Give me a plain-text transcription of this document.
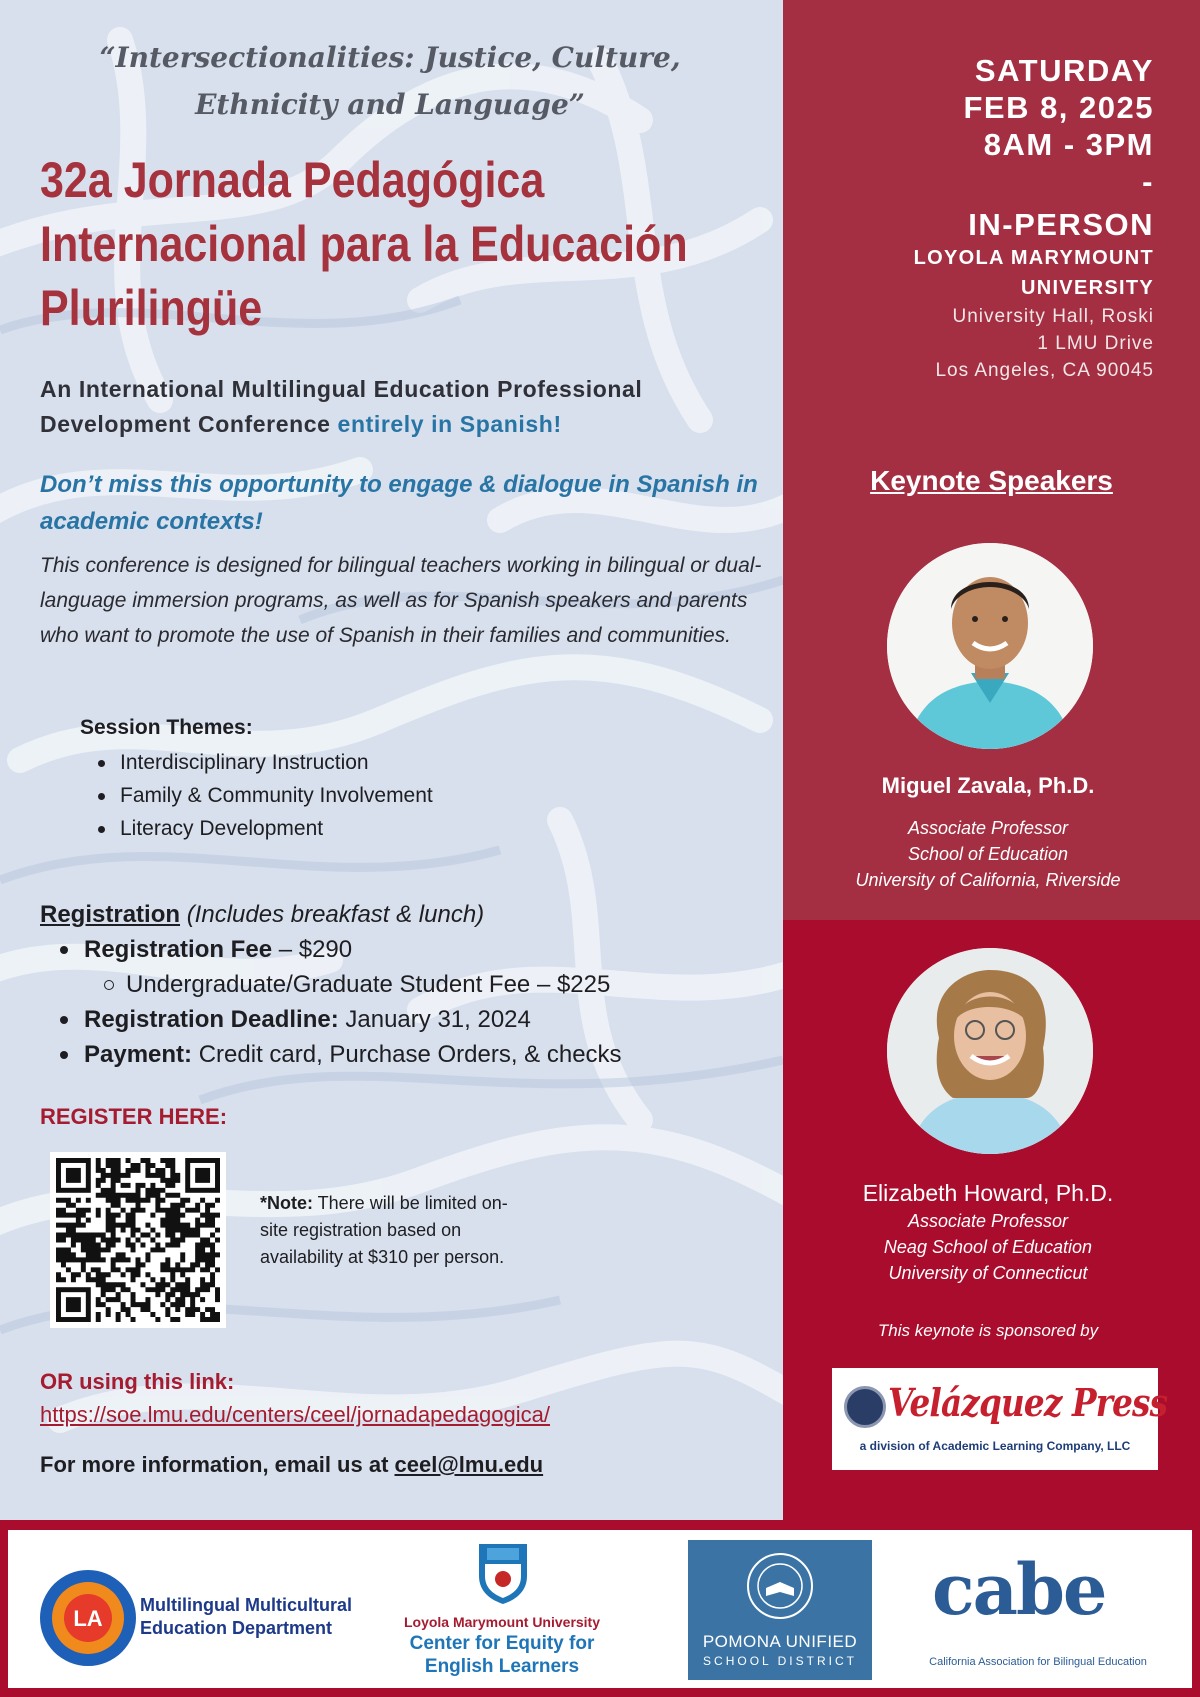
“Intersectionalities: Justice, Culture, Ethnicity and Language”
32a Jornada Pedagógica
Internacional para la Educación
Plurilingüe
An International Multilingual Education Professional
Development Conference entirely in Spanish!
Don’t miss this opportunity to engage & dialogue in Spanish in academic contexts!
This conference is designed for bilingual teachers working in bilingual or dual-language immersion programs, as well as for Spanish speakers and parents who want to promote the use of Spanish in their families and communities.
Session Themes:
Interdisciplinary Instruction
Family & Community Involvement
Literacy Development
Registration (Includes breakfast & lunch)
Registration Fee – $290
Undergraduate/Graduate Student Fee – $225
Registration Deadline: January 31, 2024
Payment: Credit card, Purchase Orders, & checks
REGISTER HERE:
*Note: There will be limited on-site registration based on availability at $310 per person.
OR using this link:
https://soe.lmu.edu/centers/ceel/jornadapedagogica/
For more information, email us at ceel@lmu.edu
SATURDAY
FEB 8, 2025
8AM - 3PM
-
IN-PERSON
LOYOLA MARYMOUNT
UNIVERSITY
University Hall, Roski
1 LMU Drive
Los Angeles, CA 90045
Keynote Speakers
Miguel Zavala, Ph.D.
Associate Professor
School of Education
University of California, Riverside
Elizabeth Howard, Ph.D.
Associate Professor
Neag School of Education
University of Connecticut
This keynote is sponsored by
Velázquez Press
a division of Academic Learning Company, LLC
LA
Multilingual Multicultural
Education Department	Loyola Marymount University
Center for Equity for
English Learners
POMONA UNIFIED
SCHOOL DISTRICT
cabe
California Association for Bilingual Education
